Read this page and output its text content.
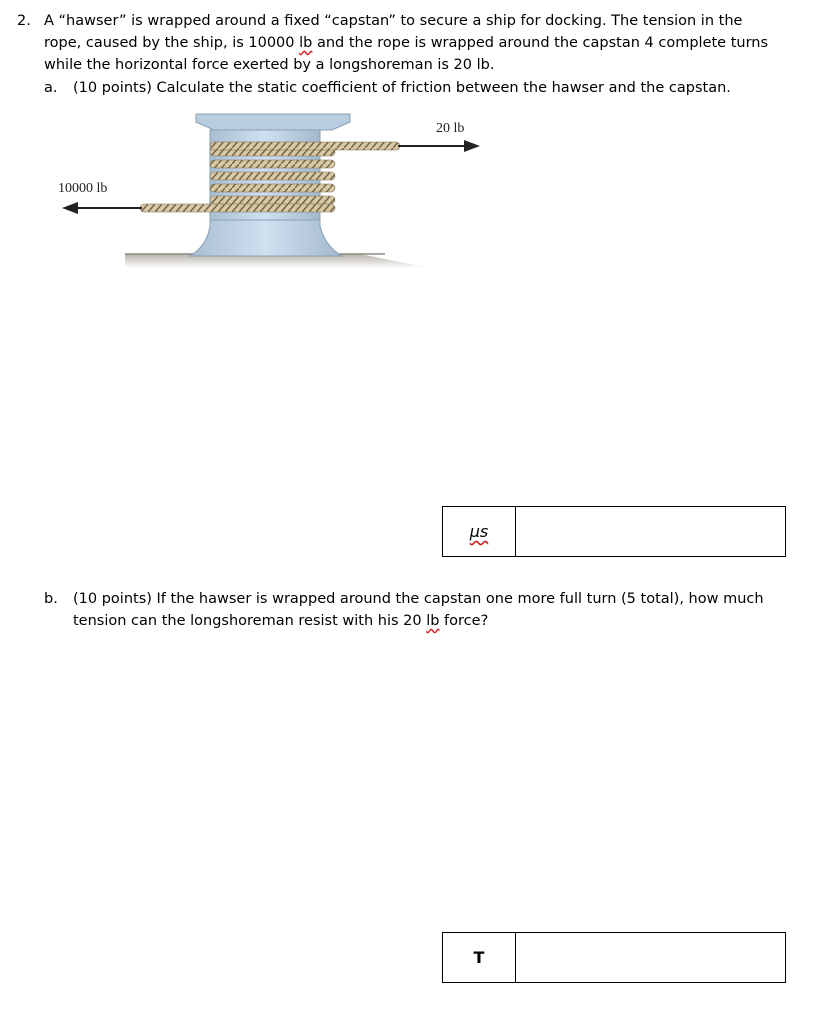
2. A “hawser” is wrapped around a fixed “capstan” to secure a ship for docking. The tension in the
rope, caused by the ship, is 10000 lb and the rope is wrapped around the capstan 4 complete turns
while the horizontal force exerted by a longshoreman is 20 lb.
a. (10 points) Calculate the static coefficient of friction between the hawser and the capstan.
20 lb
10000 lb
μs
b. (10 points) If the hawser is wrapped around the capstan one more full turn (5 total), how much
tension can the longshoreman resist with his 20 lb force?
T
